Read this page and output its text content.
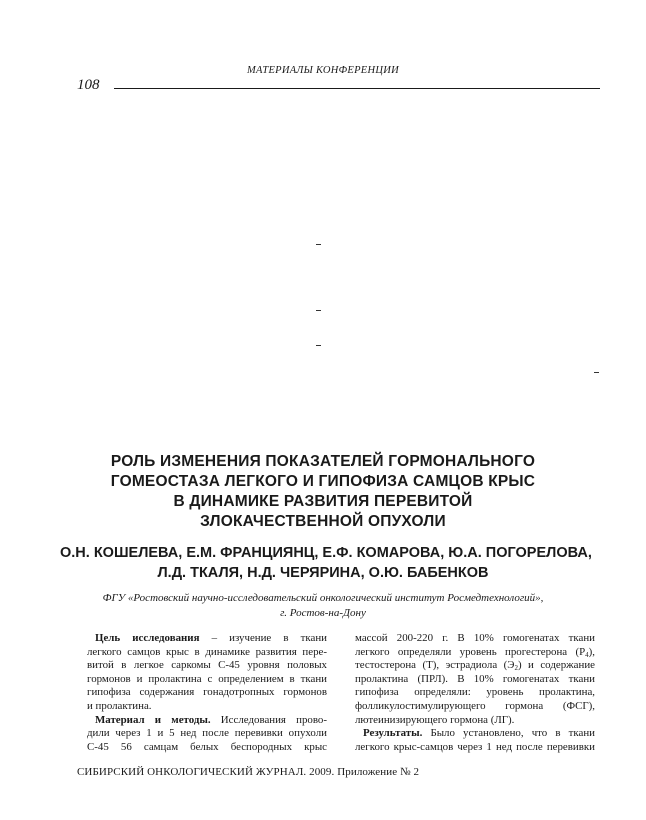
МАТЕРИАЛЫ КОНФЕРЕНЦИИ
108
РОЛЬ ИЗМЕНЕНИЯ ПОКАЗАТЕЛЕЙ ГОРМОНАЛЬНОГО
ГОМЕОСТАЗА ЛЕГКОГО И ГИПОФИЗА САМЦОВ КРЫС
В ДИНАМИКЕ РАЗВИТИЯ ПЕРЕВИТОЙ
ЗЛОКАЧЕСТВЕННОЙ ОПУХОЛИ
О.Н. КОШЕЛЕВА, Е.М. ФРАНЦИЯНЦ, Е.Ф. КОМАРОВА, Ю.А. ПОГОРЕЛОВА,
Л.Д. ТКАЛЯ, Н.Д. ЧЕРЯРИНА, О.Ю. БАБЕНКОВ
ФГУ «Ростовский научно-исследовательский онкологический институт Росмедтехнологий»,
г. Ростов-на-Дону
Цель исследования – изучение в ткани
легкого самцов крыс в динамике развития пере-
витой в легкое саркомы С-45 уровня половых
гормонов и пролактина с определением в ткани
гипофиза содержания гонадотропных гормонов
и пролактина.
Материал и методы. Исследования прово-
дили через 1 и 5 нед после перевивки опухоли
С-45 56 самцам белых беспородных крыс
массой 200-220 г. В 10% гомогенатах ткани
легкого определяли уровень прогестерона $(Р_4)$,
тестостерона (Т), эстрадиола $(Э_2)$ и содержание
пролактина (ПРЛ). В 10% гомогенатах ткани
гипофиза определяли: уровень пролактина,
фолликулостимулирующего гормона (ФСГ),
лютеинизирующего гормона (ЛГ).
Результаты. Было установлено, что в ткани
легкого крыс-самцов через 1 нед после перевивки
СИБИРСКИЙ ОНКОЛОГИЧЕСКИЙ ЖУРНАЛ. 2009. Приложение № 2
